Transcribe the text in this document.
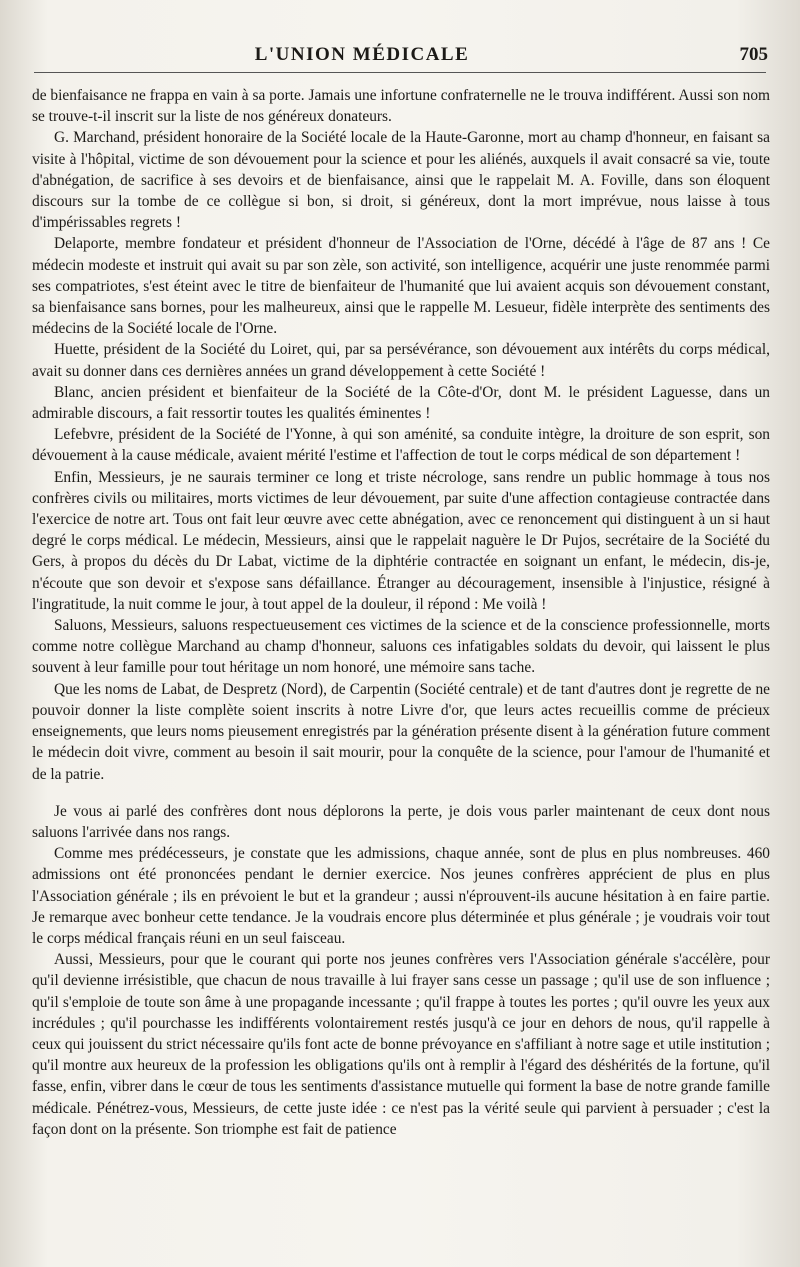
L'UNION MÉDICALE	705

de bienfaisance ne frappa en vain à sa porte. Jamais une infortune confraternelle ne le trouva indifférent. Aussi son nom se trouve-t-il inscrit sur la liste de nos généreux donateurs.

G. Marchand, président honoraire de la Société locale de la Haute-Garonne, mort au champ d'honneur, en faisant sa visite à l'hôpital, victime de son dévouement pour la science et pour les aliénés, auxquels il avait consacré sa vie, toute d'abnégation, de sacrifice à ses devoirs et de bienfaisance, ainsi que le rappelait M. A. Foville, dans son éloquent discours sur la tombe de ce collègue si bon, si droit, si généreux, dont la mort imprévue, nous laisse à tous d'impérissables regrets !

Delaporte, membre fondateur et président d'honneur de l'Association de l'Orne, décédé à l'âge de 87 ans ! Ce médecin modeste et instruit qui avait su par son zèle, son activité, son intelligence, acquérir une juste renommée parmi ses compatriotes, s'est éteint avec le titre de bienfaiteur de l'humanité que lui avaient acquis son dévouement constant, sa bienfaisance sans bornes, pour les malheureux, ainsi que le rappelle M. Lesueur, fidèle interprète des sentiments des médecins de la Société locale de l'Orne.

Huette, président de la Société du Loiret, qui, par sa persévérance, son dévouement aux intérêts du corps médical, avait su donner dans ces dernières années un grand développement à cette Société !

Blanc, ancien président et bienfaiteur de la Société de la Côte-d'Or, dont M. le président Laguesse, dans un admirable discours, a fait ressortir toutes les qualités éminentes !

Lefebvre, président de la Société de l'Yonne, à qui son aménité, sa conduite intègre, la droiture de son esprit, son dévouement à la cause médicale, avaient mérité l'estime et l'affection de tout le corps médical de son département !

Enfin, Messieurs, je ne saurais terminer ce long et triste nécrologe, sans rendre un public hommage à tous nos confrères civils ou militaires, morts victimes de leur dévouement, par suite d'une affection contagieuse contractée dans l'exercice de notre art. Tous ont fait leur œuvre avec cette abnégation, avec ce renoncement qui distinguent à un si haut degré le corps médical. Le médecin, Messieurs, ainsi que le rappelait naguère le Dr Pujos, secrétaire de la Société du Gers, à propos du décès du Dr Labat, victime de la diphtérie contractée en soignant un enfant, le médecin, dis-je, n'écoute que son devoir et s'expose sans défaillance. Étranger au découragement, insensible à l'injustice, résigné à l'ingratitude, la nuit comme le jour, à tout appel de la douleur, il répond : Me voilà !

Saluons, Messieurs, saluons respectueusement ces victimes de la science et de la conscience professionnelle, morts comme notre collègue Marchand au champ d'honneur, saluons ces infatigables soldats du devoir, qui laissent le plus souvent à leur famille pour tout héritage un nom honoré, une mémoire sans tache.

Que les noms de Labat, de Despretz (Nord), de Carpentin (Société centrale) et de tant d'autres dont je regrette de ne pouvoir donner la liste complète soient inscrits à notre Livre d'or, que leurs actes recueillis comme de précieux enseignements, que leurs noms pieusement enregistrés par la génération présente disent à la génération future comment le médecin doit vivre, comment au besoin il sait mourir, pour la conquête de la science, pour l'amour de l'humanité et de la patrie.

Je vous ai parlé des confrères dont nous déplorons la perte, je dois vous parler maintenant de ceux dont nous saluons l'arrivée dans nos rangs.

Comme mes prédécesseurs, je constate que les admissions, chaque année, sont de plus en plus nombreuses. 460 admissions ont été prononcées pendant le dernier exercice. Nos jeunes confrères apprécient de plus en plus l'Association générale ; ils en prévoient le but et la grandeur ; aussi n'éprouvent-ils aucune hésitation à en faire partie. Je remarque avec bonheur cette tendance. Je la voudrais encore plus déterminée et plus générale ; je voudrais voir tout le corps médical français réuni en un seul faisceau.

Aussi, Messieurs, pour que le courant qui porte nos jeunes confrères vers l'Association générale s'accélère, pour qu'il devienne irrésistible, que chacun de nous travaille à lui frayer sans cesse un passage ; qu'il use de son influence ; qu'il s'emploie de toute son âme à une propagande incessante ; qu'il frappe à toutes les portes ; qu'il ouvre les yeux aux incrédules ; qu'il pourchasse les indifférents volontairement restés jusqu'à ce jour en dehors de nous, qu'il rappelle à ceux qui jouissent du strict nécessaire qu'ils font acte de bonne prévoyance en s'affiliant à notre sage et utile institution ; qu'il montre aux heureux de la profession les obligations qu'ils ont à remplir à l'égard des déshérités de la fortune, qu'il fasse, enfin, vibrer dans le cœur de tous les sentiments d'assistance mutuelle qui forment la base de notre grande famille médicale. Pénétrez-vous, Messieurs, de cette juste idée : ce n'est pas la vérité seule qui parvient à persuader ; c'est la façon dont on la présente. Son triomphe est fait de patience
